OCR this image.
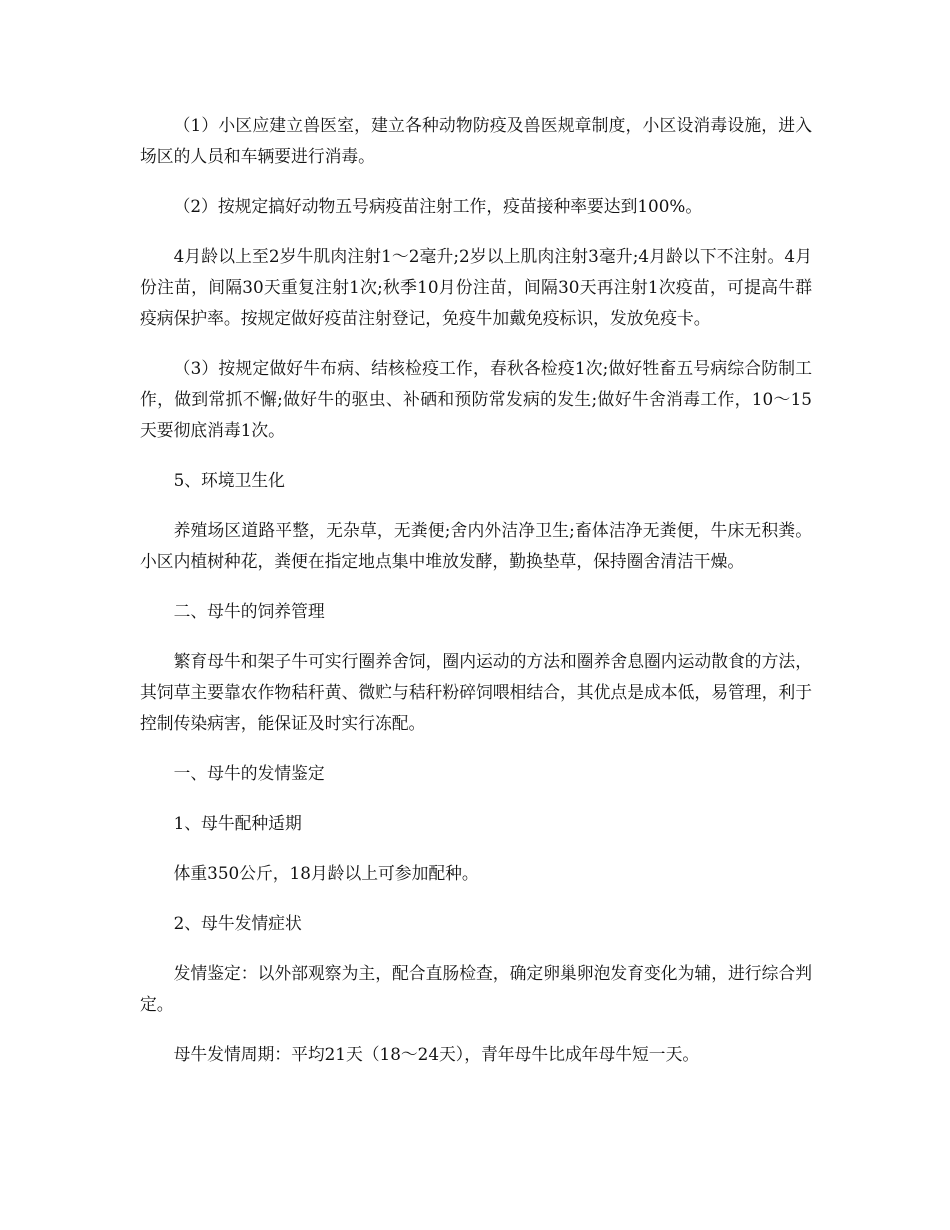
（1）小区应建立兽医室，建立各种动物防疫及兽医规章制度，小区设消毒设施，进入场区的人员和车辆要进行消毒。

（2）按规定搞好动物五号病疫苗注射工作，疫苗接种率要达到100%。

4月龄以上至2岁牛肌肉注射1～2毫升;2岁以上肌肉注射3毫升;4月龄以下不注射。4月份注苗，间隔30天重复注射1次;秋季10月份注苗，间隔30天再注射1次疫苗，可提高牛群疫病保护率。按规定做好疫苗注射登记，免疫牛加戴免疫标识，发放免疫卡。

（3）按规定做好牛布病、结核检疫工作，春秋各检疫1次;做好牲畜五号病综合防制工作，做到常抓不懈;做好牛的驱虫、补硒和预防常发病的发生;做好牛舍消毒工作，10～15天要彻底消毒1次。

5、环境卫生化

养殖场区道路平整，无杂草，无粪便;舍内外洁净卫生;畜体洁净无粪便，牛床无积粪。小区内植树种花，粪便在指定地点集中堆放发酵，勤换垫草，保持圈舍清洁干燥。

二、母牛的饲养管理

繁育母牛和架子牛可实行圈养舍饲，圈内运动的方法和圈养舍息圈内运动散食的方法，其饲草主要靠农作物秸秆黄、微贮与秸秆粉碎饲喂相结合，其优点是成本低，易管理，利于控制传染病害，能保证及时实行冻配。

一、母牛的发情鉴定

1、母牛配种适期

体重350公斤，18月龄以上可参加配种。

2、母牛发情症状

发情鉴定：以外部观察为主，配合直肠检查，确定卵巢卵泡发育变化为辅，进行综合判定。

母牛发情周期：平均21天（18～24天），青年母牛比成年母牛短一天。
